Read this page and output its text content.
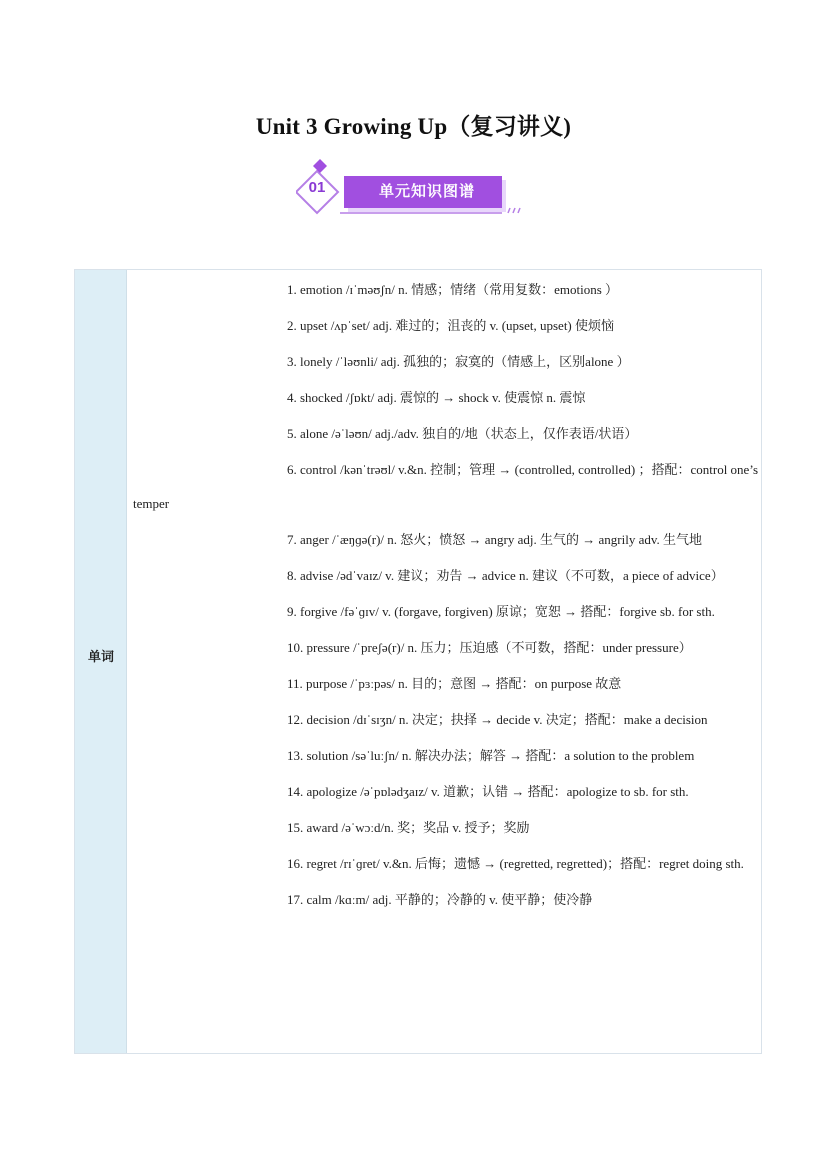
Unit 3 Growing Up（复习讲义)
01	单元知识图谱
单词

1. emotion /ɪˈməʊʃn/ n. 情感；情绪（常用复数：emotions ）

2. upset /ʌpˈset/ adj. 难过的；沮丧的 v. (upset, upset) 使烦恼

3. lonely /ˈləʊnli/ adj. 孤独的；寂寞的（情感上，区别alone ）

4. shocked /ʃɒkt/ adj. 震惊的 → shock v. 使震惊 n. 震惊

5. alone /əˈləʊn/ adj./adv. 独自的/地（状态上，仅作表语/状语）

6. control /kənˈtrəʊl/ v.&n. 控制；管理 → (controlled, controlled) ；搭配：control one’s temper

7. anger /ˈæŋɡə(r)/ n. 怒火；愤怒 → angry adj. 生气的 → angrily adv. 生气地

8. advise /ədˈvaɪz/ v. 建议；劝告 → advice n. 建议（不可数，a piece of advice）

9. forgive /fəˈɡɪv/ v. (forgave, forgiven) 原谅；宽恕 → 搭配：forgive sb. for sth.

10. pressure /ˈpreʃə(r)/ n. 压力；压迫感（不可数，搭配：under pressure）

11. purpose /ˈpɜːpəs/ n. 目的；意图 → 搭配：on purpose 故意

12. decision /dɪˈsɪʒn/ n. 决定；抉择 → decide v. 决定；搭配：make a decision

13. solution /səˈluːʃn/ n. 解决办法；解答 → 搭配：a solution to the problem

14. apologize /əˈpɒlədʒaɪz/ v. 道歉；认错 → 搭配：apologize to sb. for sth.

15. award /əˈwɔːd/n. 奖；奖品 v. 授予；奖励

16. regret /rɪˈɡret/ v.&n. 后悔；遗憾 → (regretted, regretted)；搭配：regret doing sth.

17. calm /kɑːm/ adj. 平静的；冷静的 v. 使平静；使冷静
